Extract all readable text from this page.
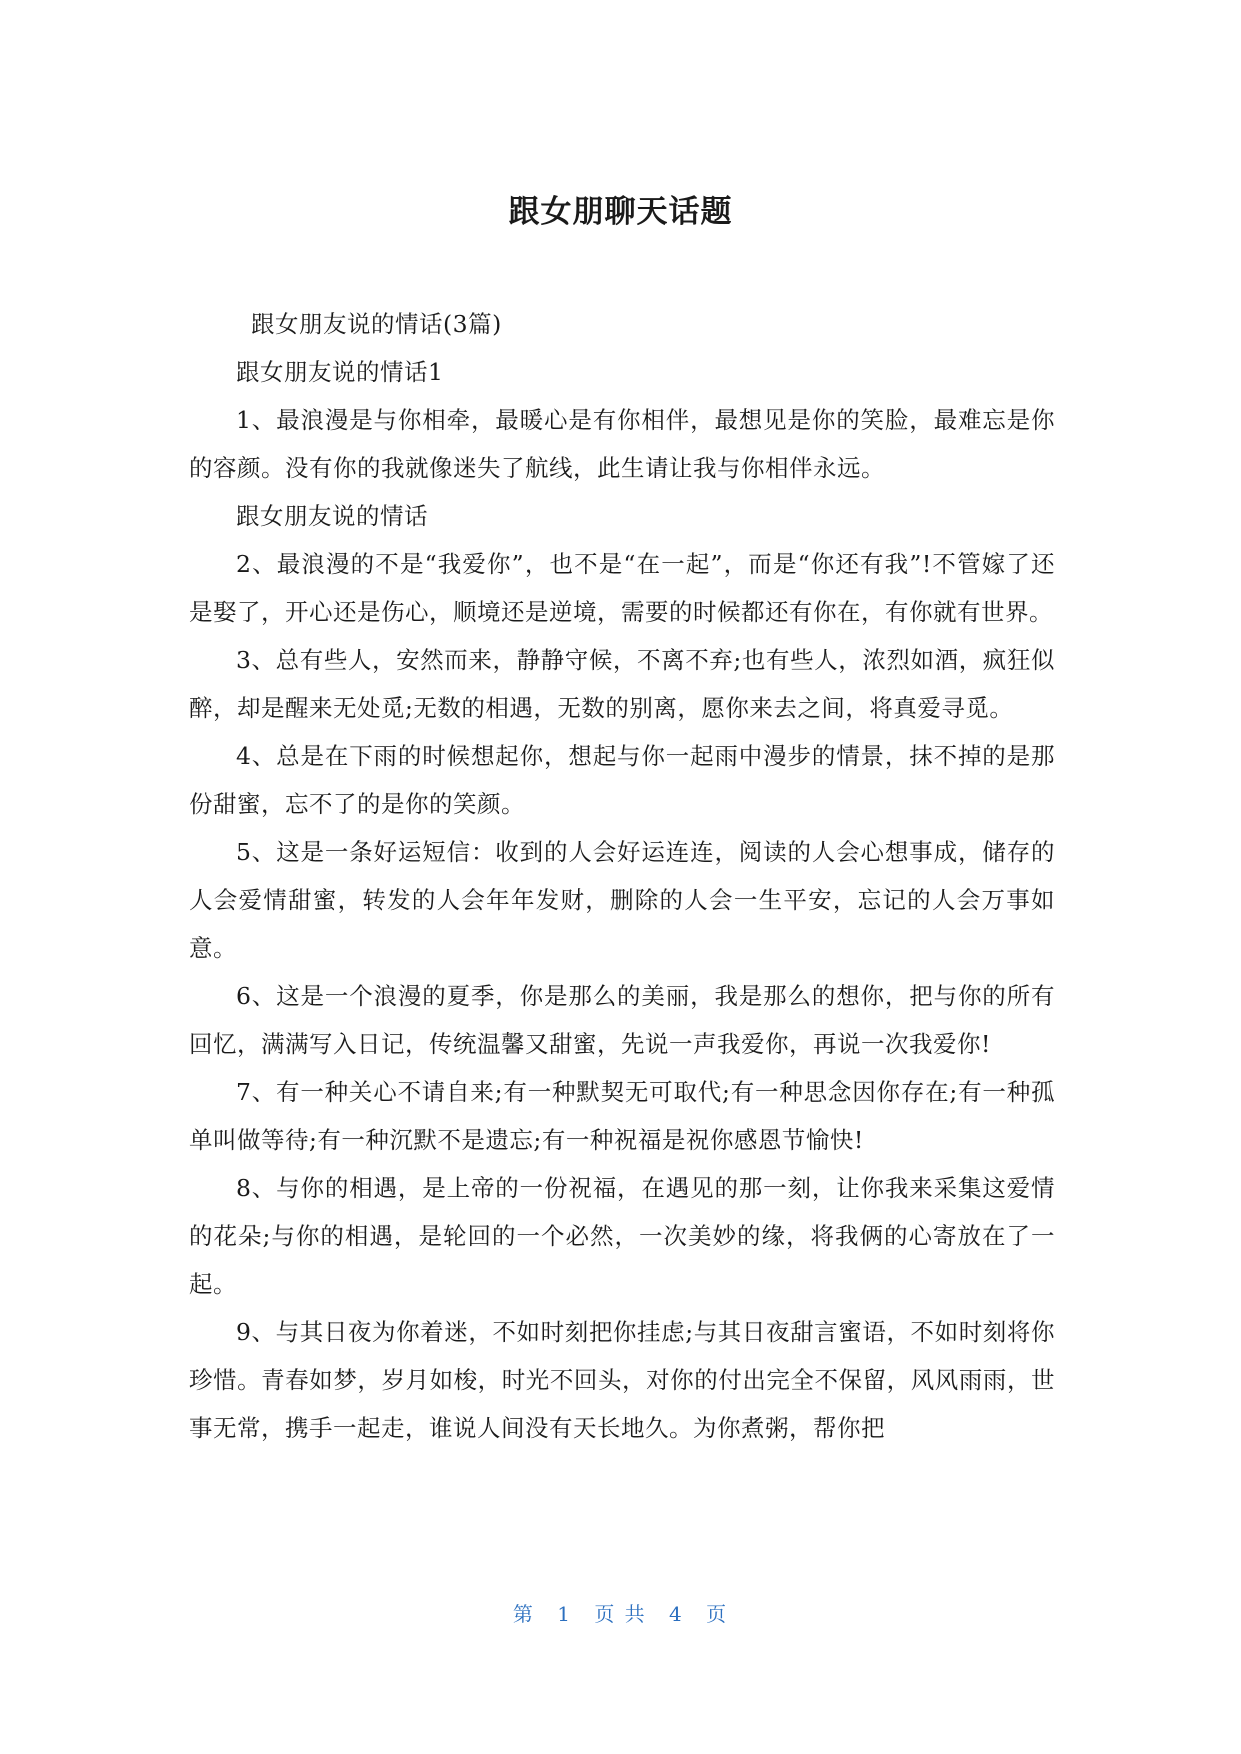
跟女朋聊天话题

跟女朋友说的情话(3篇)

跟女朋友说的情话1

1、最浪漫是与你相牵，最暖心是有你相伴，最想见是你的笑脸，最难忘是你的容颜。没有你的我就像迷失了航线，此生请让我与你相伴永远。

跟女朋友说的情话

2、最浪漫的不是“我爱你”，也不是“在一起”，而是“你还有我”!不管嫁了还是娶了，开心还是伤心，顺境还是逆境，需要的时候都还有你在，有你就有世界。

3、总有些人，安然而来，静静守候，不离不弃;也有些人，浓烈如酒，疯狂似醉，却是醒来无处觅;无数的相遇，无数的别离，愿你来去之间，将真爱寻觅。

4、总是在下雨的时候想起你，想起与你一起雨中漫步的情景，抹不掉的是那份甜蜜，忘不了的是你的笑颜。

5、这是一条好运短信：收到的人会好运连连，阅读的人会心想事成，储存的人会爱情甜蜜，转发的人会年年发财，删除的人会一生平安，忘记的人会万事如意。

6、这是一个浪漫的夏季，你是那么的美丽，我是那么的想你，把与你的所有回忆，满满写入日记，传统温馨又甜蜜，先说一声我爱你，再说一次我爱你!

7、有一种关心不请自来;有一种默契无可取代;有一种思念因你存在;有一种孤单叫做等待;有一种沉默不是遗忘;有一种祝福是祝你感恩节愉快!

8、与你的相遇，是上帝的一份祝福，在遇见的那一刻，让你我来采集这爱情的花朵;与你的相遇，是轮回的一个必然，一次美妙的缘，将我俩的心寄放在了一起。

9、与其日夜为你着迷，不如时刻把你挂虑;与其日夜甜言蜜语，不如时刻将你珍惜。青春如梦，岁月如梭，时光不回头，对你的付出完全不保留，风风雨雨，世事无常，携手一起走，谁说人间没有天长地久。为你煮粥，帮你把

第 1 页 共 4 页
